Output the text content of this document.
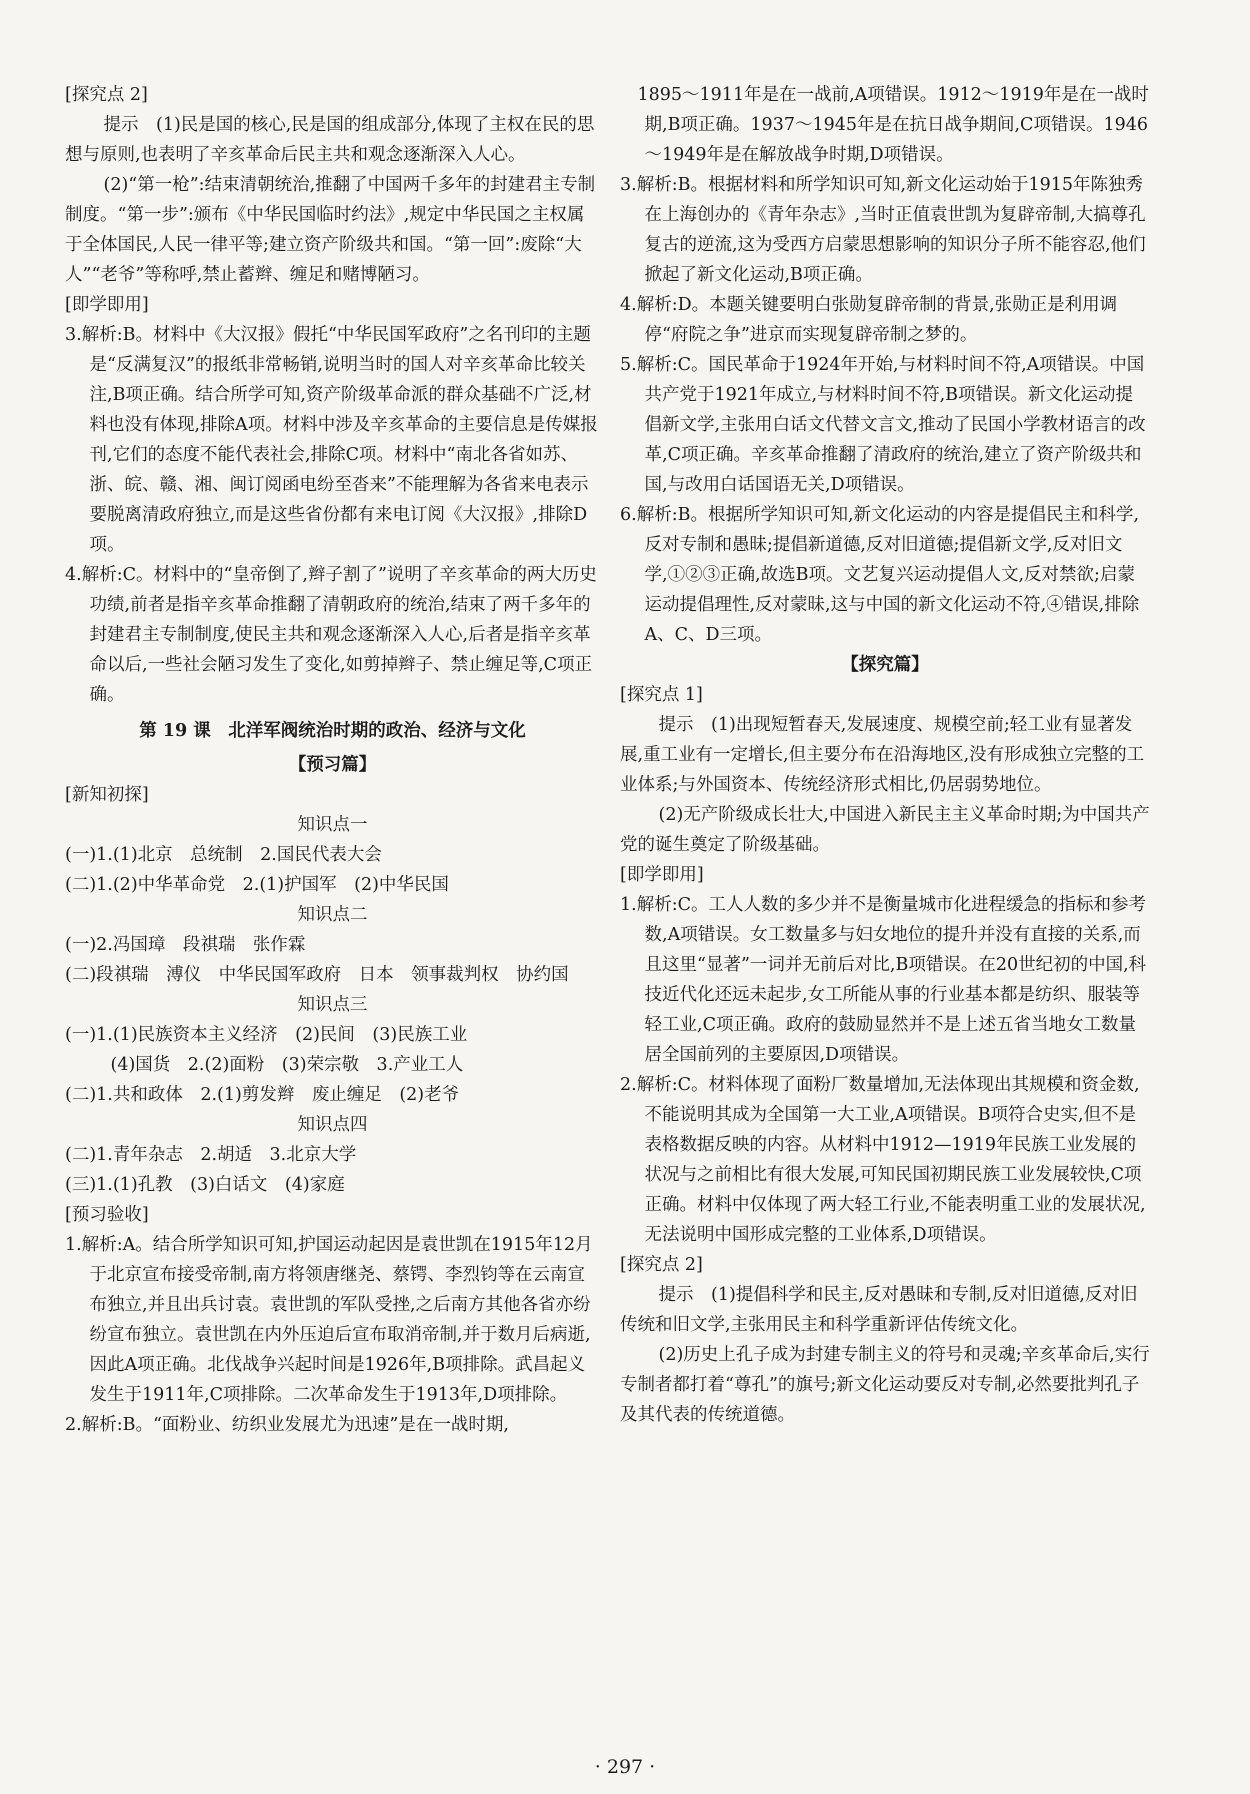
[探究点 2]

提示　(1)民是国的核心,民是国的组成部分,体现了主权在民的思想与原则,也表明了辛亥革命后民主共和观念逐渐深入人心。

(2)“第一枪”:结束清朝统治,推翻了中国两千多年的封建君主专制制度。“第一步”:颁布《中华民国临时约法》,规定中华民国之主权属于全体国民,人民一律平等;建立资产阶级共和国。“第一回”:废除“大人”“老爷”等称呼,禁止蓄辫、缠足和赌博陋习。

[即学即用]

3.解析:B。材料中《大汉报》假托“中华民国军政府”之名刊印的主题是“反满复汉”的报纸非常畅销,说明当时的国人对辛亥革命比较关注,B项正确。结合所学可知,资产阶级革命派的群众基础不广泛,材料也没有体现,排除A项。材料中涉及辛亥革命的主要信息是传媒报刊,它们的态度不能代表社会,排除C项。材料中“南北各省如苏、浙、皖、赣、湘、闽订阅函电纷至沓来”不能理解为各省来电表示要脱离清政府独立,而是这些省份都有来电订阅《大汉报》,排除D项。

4.解析:C。材料中的“皇帝倒了,辫子割了”说明了辛亥革命的两大历史功绩,前者是指辛亥革命推翻了清朝政府的统治,结束了两千多年的封建君主专制制度,使民主共和观念逐渐深入人心,后者是指辛亥革命以后,一些社会陋习发生了变化,如剪掉辫子、禁止缠足等,C项正确。

第 19 课　北洋军阀统治时期的政治、经济与文化

【预习篇】

[新知初探]

知识点一

(一)1.(1)北京　总统制　2.国民代表大会

(二)1.(2)中华革命党　2.(1)护国军　(2)中华民国

知识点二

(一)2.冯国璋　段祺瑞　张作霖

(二)段祺瑞　溥仪　中华民国军政府　日本　领事裁判权　协约国

知识点三

(一)1.(1)民族资本主义经济　(2)民间　(3)民族工业

(4)国货　2.(2)面粉　(3)荣宗敬　3.产业工人

(二)1.共和政体　2.(1)剪发辫　废止缠足　(2)老爷

知识点四

(二)1.青年杂志　2.胡适　3.北京大学

(三)1.(1)孔教　(3)白话文　(4)家庭

[预习验收]

1.解析:A。结合所学知识可知,护国运动起因是袁世凯在1915年12月于北京宣布接受帝制,南方将领唐继尧、蔡锷、李烈钧等在云南宣布独立,并且出兵讨袁。袁世凯的军队受挫,之后南方其他各省亦纷纷宣布独立。袁世凯在内外压迫后宣布取消帝制,并于数月后病逝,因此A项正确。北伐战争兴起时间是1926年,B项排除。武昌起义发生于1911年,C项排除。二次革命发生于1913年,D项排除。

2.解析:B。“面粉业、纺织业发展尤为迅速”是在一战时期,

　1895～1911年是在一战前,A项错误。1912～1919年是在一战时期,B项正确。1937～1945年是在抗日战争期间,C项错误。1946～1949年是在解放战争时期,D项错误。

3.解析:B。根据材料和所学知识可知,新文化运动始于1915年陈独秀在上海创办的《青年杂志》,当时正值袁世凯为复辟帝制,大搞尊孔复古的逆流,这为受西方启蒙思想影响的知识分子所不能容忍,他们掀起了新文化运动,B项正确。

4.解析:D。本题关键要明白张勋复辟帝制的背景,张勋正是利用调停“府院之争”进京而实现复辟帝制之梦的。

5.解析:C。国民革命于1924年开始,与材料时间不符,A项错误。中国共产党于1921年成立,与材料时间不符,B项错误。新文化运动提倡新文学,主张用白话文代替文言文,推动了民国小学教材语言的改革,C项正确。辛亥革命推翻了清政府的统治,建立了资产阶级共和国,与改用白话国语无关,D项错误。

6.解析:B。根据所学知识可知,新文化运动的内容是提倡民主和科学,反对专制和愚昧;提倡新道德,反对旧道德;提倡新文学,反对旧文学,①②③正确,故选B项。文艺复兴运动提倡人文,反对禁欲;启蒙运动提倡理性,反对蒙昧,这与中国的新文化运动不符,④错误,排除A、C、D三项。

【探究篇】

[探究点 1]

提示　(1)出现短暂春天,发展速度、规模空前;轻工业有显著发展,重工业有一定增长,但主要分布在沿海地区,没有形成独立完整的工业体系;与外国资本、传统经济形式相比,仍居弱势地位。

(2)无产阶级成长壮大,中国进入新民主主义革命时期;为中国共产党的诞生奠定了阶级基础。

[即学即用]

1.解析:C。工人人数的多少并不是衡量城市化进程缓急的指标和参考数,A项错误。女工数量多与妇女地位的提升并没有直接的关系,而且这里“显著”一词并无前后对比,B项错误。在20世纪初的中国,科技近代化还远未起步,女工所能从事的行业基本都是纺织、服装等轻工业,C项正确。政府的鼓励显然并不是上述五省当地女工数量居全国前列的主要原因,D项错误。

2.解析:C。材料体现了面粉厂数量增加,无法体现出其规模和资金数,不能说明其成为全国第一大工业,A项错误。B项符合史实,但不是表格数据反映的内容。从材料中1912—1919年民族工业发展的状况与之前相比有很大发展,可知民国初期民族工业发展较快,C项正确。材料中仅体现了两大轻工行业,不能表明重工业的发展状况,无法说明中国形成完整的工业体系,D项错误。

[探究点 2]

提示　(1)提倡科学和民主,反对愚昧和专制,反对旧道德,反对旧传统和旧文学,主张用民主和科学重新评估传统文化。

(2)历史上孔子成为封建专制主义的符号和灵魂;辛亥革命后,实行专制者都打着“尊孔”的旗号;新文化运动要反对专制,必然要批判孔子及其代表的传统道德。

· 297 ·
